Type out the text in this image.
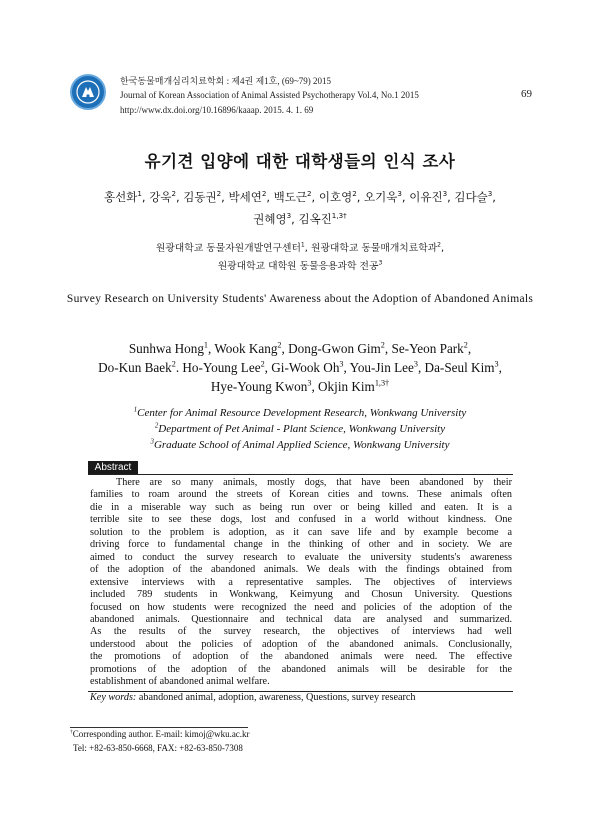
한국동물매개심리치료학회 : 제4권 제1호, (69~79) 2015
Journal of Korean Association of Animal Assisted Psychotherapy Vol.4, No.1 2015
http://www.dx.doi.org/10.16896/kaaap. 2015. 4. 1. 69
69
유기견 입양에 대한 대학생들의 인식 조사
홍선화$^1$, 강욱$^2$, 김동권$^2$, 박세연$^2$, 백도근$^2$, 이호영$^2$, 오기욱$^3$, 이유진$^3$, 김다슬$^3$,
권혜영$^3$, 김옥진$^{1,3\dagger}$
원광대학교 동물자원개발연구센터$^1$, 원광대학교 동물매개치료학과$^2$,
원광대학교 대학원 동물응용과학 전공$^3$
Survey Research on University Students' Awareness about the Adoption of Abandoned Animals
Sunhwa Hong$^1$, Wook Kang$^2$, Dong-Gwon Gim$^2$, Se-Yeon Park$^2$,
Do-Kun Baek$^2$. Ho-Young Lee$^2$, Gi-Wook Oh$^3$, You-Jin Lee$^3$, Da-Seul Kim$^3$,
Hye-Young Kwon$^3$, Okjin Kim$^{1,3\dagger}$
$^1$Center for Animal Resource Development Research, Wonkwang University
$^2$Department of Pet Animal - Plant Science, Wonkwang University
$^3$Graduate School of Animal Applied Science, Wonkwang University
Abstract
There are so many animals, mostly dogs, that have been abandoned by their
families to roam around the streets of Korean cities and towns. These animals often
die in a miserable way such as being run over or being killed and eaten. It is a
terrible site to see these dogs, lost and confused in a world without kindness. One
solution to the problem is adoption, as it can save life and by example become a
driving force to fundamental change in the thinking of other and in society. We are
aimed to conduct the survey research to evaluate the university students's awareness
of the adoption of the abandoned animals. We deals with the findings obtained from
extensive interviews with a representative samples. The objectives of interviews
included 789 students in Wonkwang, Keimyung and Chosun University. Questions
focused on how students were recognized the need and policies of the adoption of the
abandoned animals. Questionnaire and technical data are analysed and summarized.
As the results of the survey research, the objectives of interviews had well
understood about the policies of adoption of the abandoned animals. Conclusionally,
the promotions of adoption of the abandoned animals were need. The effective
promotions of the adoption of the abandoned animals will be desirable for the
establishment of abandoned animal welfare.
Key words: abandoned animal, adoption, awareness, Questions, survey research
†Corresponding author. E-mail: kimoj@wku.ac.kr
Tel: +82-63-850-6668, FAX: +82-63-850-7308
